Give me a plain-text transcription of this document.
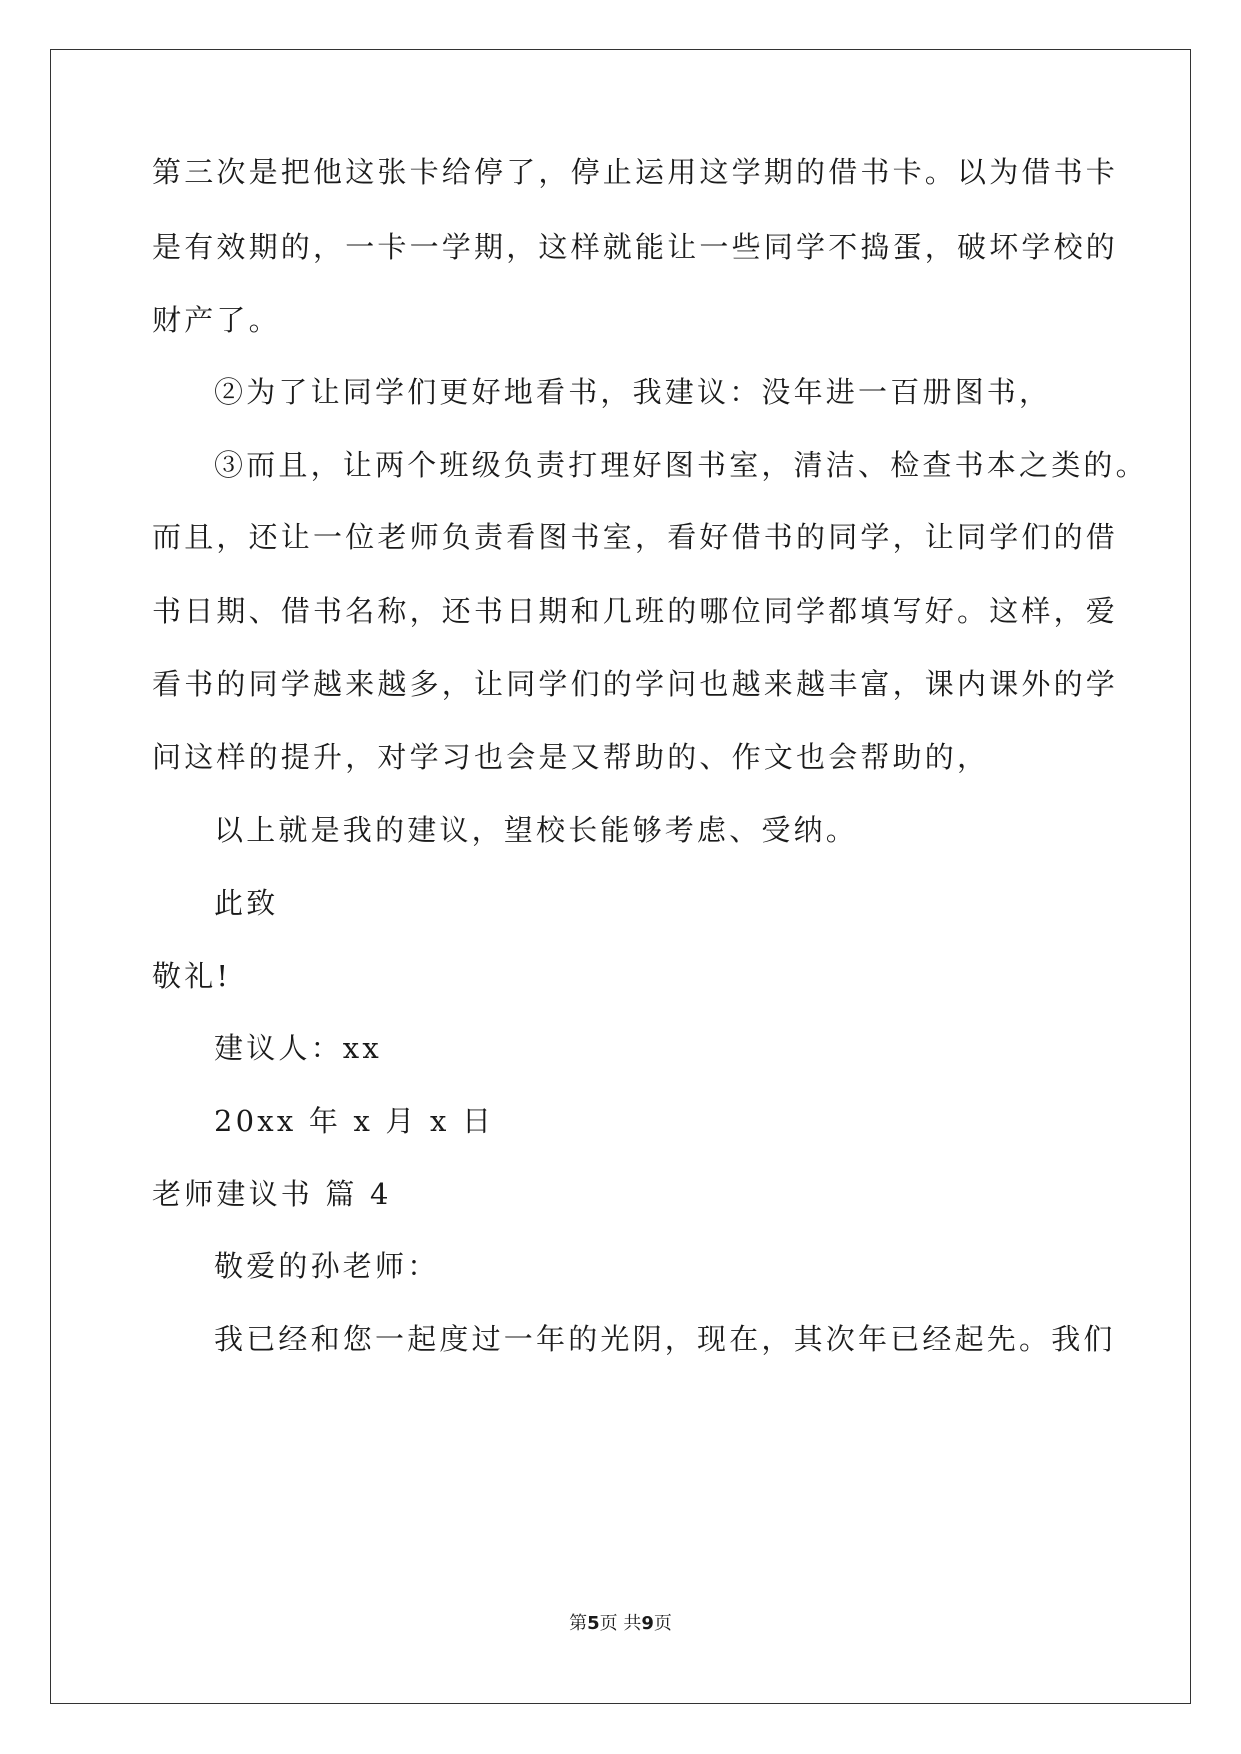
第三次是把他这张卡给停了，停止运用这学期的借书卡。以为借书卡
是有效期的，一卡一学期，这样就能让一些同学不捣蛋，破坏学校的
财产了。
②为了让同学们更好地看书，我建议：没年进一百册图书，
③而且，让两个班级负责打理好图书室，清洁、检查书本之类的。
而且，还让一位老师负责看图书室，看好借书的同学，让同学们的借
书日期、借书名称，还书日期和几班的哪位同学都填写好。这样，爱
看书的同学越来越多，让同学们的学问也越来越丰富，课内课外的学
问这样的提升，对学习也会是又帮助的、作文也会帮助的，
以上就是我的建议，望校长能够考虑、受纳。
此致
敬礼!
建议人：xx
20xx 年 x 月 x 日
老师建议书 篇 4
敬爱的孙老师：
我已经和您一起度过一年的光阴，现在，其次年已经起先。我们
第5页 共9页
